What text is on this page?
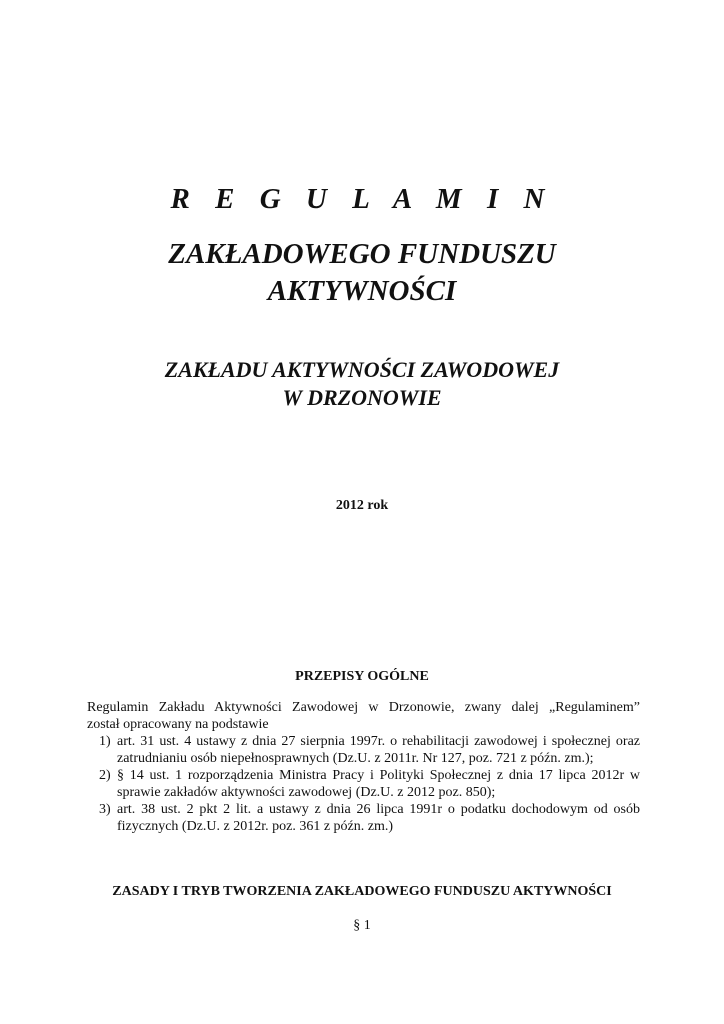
R E G U L A M I N
ZAKŁADOWEGO FUNDUSZU
AKTYWNOŚCI
ZAKŁADU AKTYWNOŚCI ZAWODOWEJ
W DRZONOWIE
2012 rok
PRZEPISY OGÓLNE
Regulamin Zakładu Aktywności Zawodowej w Drzonowie, zwany dalej „Regulaminem”
został opracowany na podstawie
1) art. 31 ust. 4 ustawy z dnia 27 sierpnia 1997r. o rehabilitacji zawodowej i społecznej oraz zatrudnianiu osób niepełnosprawnych (Dz.U. z 2011r. Nr 127, poz. 721 z późn. zm.);
2) § 14 ust. 1 rozporządzenia Ministra Pracy i Polityki Społecznej z dnia 17 lipca 2012r w sprawie zakładów aktywności zawodowej (Dz.U. z 2012 poz. 850);
3) art. 38 ust. 2 pkt 2 lit. a ustawy z dnia 26 lipca 1991r o podatku dochodowym od osób fizycznych (Dz.U. z 2012r. poz. 361 z późn. zm.)
ZASADY I TRYB TWORZENIA ZAKŁADOWEGO FUNDUSZU AKTYWNOŚCI
§ 1
